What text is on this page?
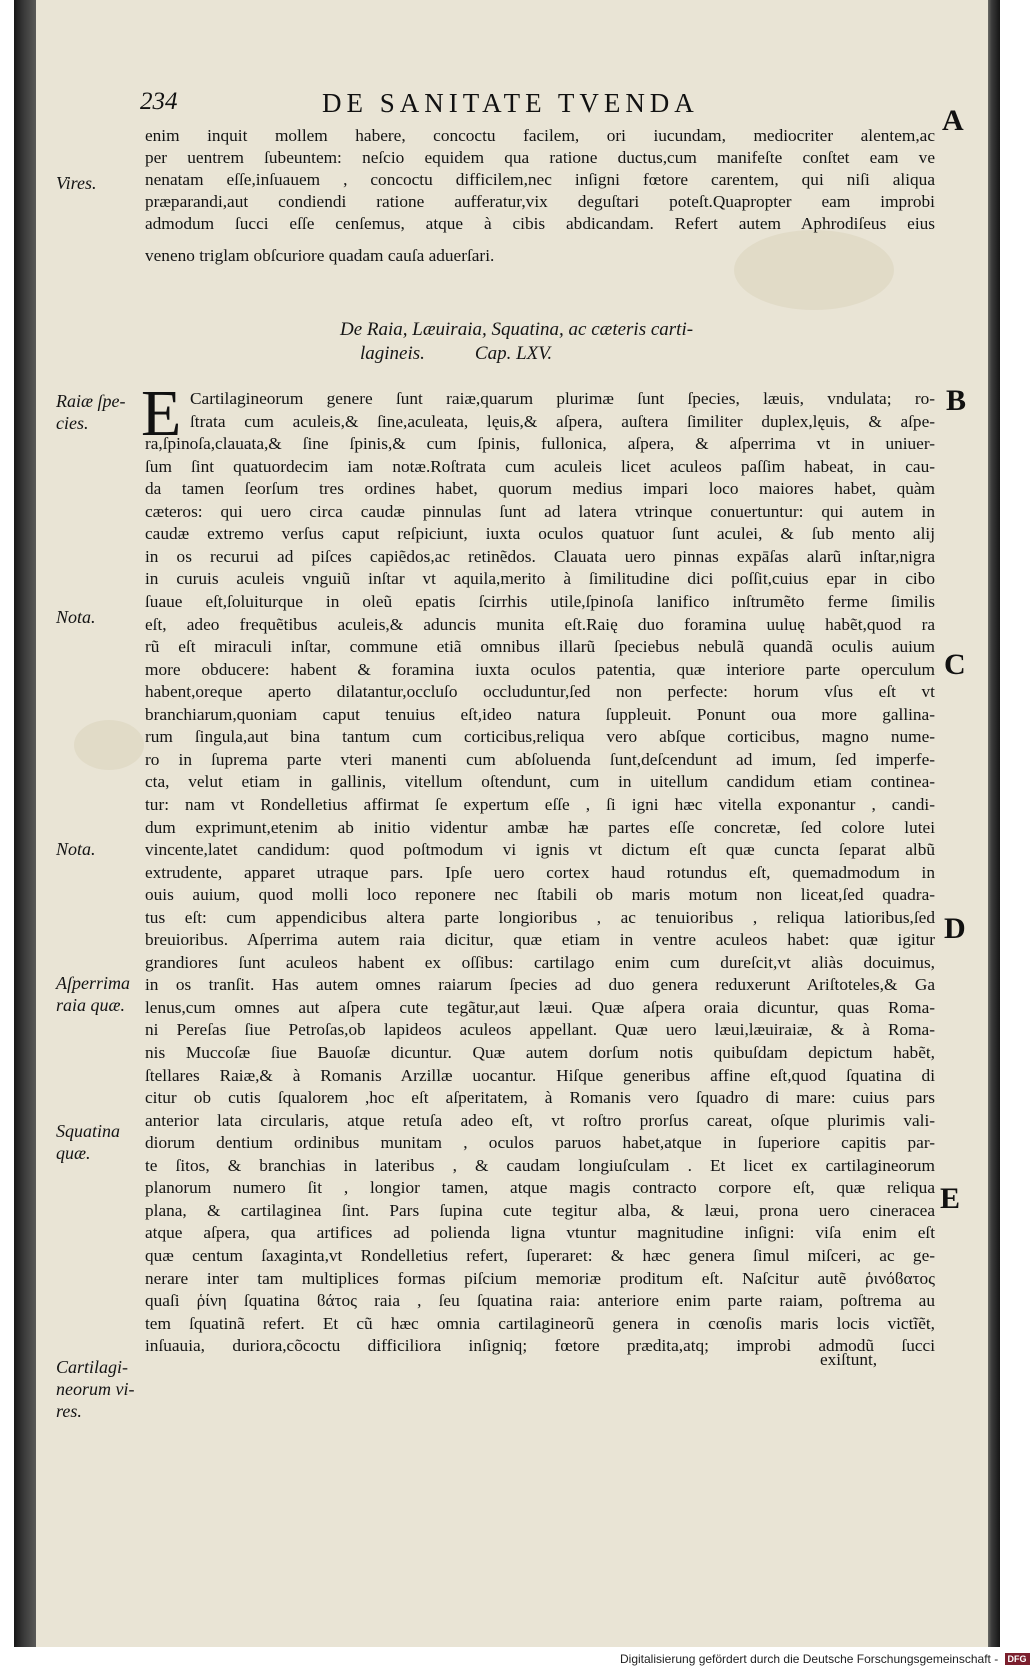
234	DE SANITATE TVENDA
A
B
C
D
E

enim inquit mollem habere, concoctu facilem, ori iucundam, mediocriter alentem,ac

per uentrem ſubeuntem: neſcio equidem qua ratione ductus,cum manifeſte conſtet eam ve

nenatam eſſe,inſuauem , concoctu difficilem,nec inſigni fœtore carentem, qui niſi aliqua

præparandi,aut condiendi ratione aufferatur,vix deguſtari poteſt.Quapropter eam improbi

admodum ſucci eſſe cenſemus, atque à cibis abdicandam. Refert autem Aphrodiſeus eius

veneno triglam obſcuriore quadam cauſa aduerſari.

De Raia, Læuiraia, Squatina, ac cæteris carti-
lagineis.	Cap. LXV.
E Cartilagineorum genere ſunt raiæ,quarum plurimæ ſunt ſpecies, læuis, vndulata; ro-

ſtrata cum aculeis,& ſine,aculeata, lęuis,& aſpera, auſtera ſimiliter duplex,lęuis, & aſpe-

ra,ſpinoſa,clauata,& ſine ſpinis,& cum ſpinis, fullonica, aſpera, & aſperrima vt in uniuer-

ſum ſint quatuordecim iam notæ.Roſtrata cum aculeis licet aculeos paſſim habeat, in cau-

da tamen ſeorſum tres ordines habet, quorum medius impari loco maiores habet, quàm

cæteros: qui uero circa caudæ pinnulas ſunt ad latera vtrinque conuertuntur: qui autem in

caudæ extremo verſus caput reſpiciunt, iuxta oculos quatuor ſunt aculei, & ſub mento alij

in os recurui ad piſces capiẽdos,ac retinẽdos. Clauata uero pinnas expāſas alarũ inſtar,nigra

in curuis aculeis vnguiũ inſtar vt aquila,merito à ſimilitudine dici poſſit,cuius epar in cibo

ſuaue eſt,ſoluiturque in oleũ epatis ſcirrhis utile,ſpinoſa lanifico inſtrumẽto ferme ſimilis

eſt, adeo frequẽtibus aculeis,& aduncis munita eſt.Raię duo foramina uuluę habẽt,quod ra

rũ eſt miraculi inſtar, commune etiã omnibus illarũ ſpeciebus nebulã quandã oculis auium

more obducere: habent & foramina iuxta oculos patentia, quæ interiore parte operculum

habent,oreque aperto dilatantur,occluſo occluduntur,ſed non perfecte: horum vſus eſt vt

branchiarum,quoniam caput tenuius eſt,ideo natura ſuppleuit. Ponunt oua more gallina-

rum ſingula,aut bina tantum cum corticibus,reliqua vero abſque corticibus, magno nume-

ro in ſuprema parte vteri manenti cum abſoluenda ſunt,deſcendunt ad imum, ſed imperfe-

cta, velut etiam in gallinis, vitellum oſtendunt, cum in uitellum candidum etiam continea-

tur: nam vt Rondelletius affirmat ſe expertum eſſe , ſi igni hæc vitella exponantur , candi-

dum exprimunt,etenim ab initio videntur ambæ hæ partes eſſe concretæ, ſed colore lutei

vincente,latet candidum: quod poſtmodum vi ignis vt dictum eſt quæ cuncta ſeparat albũ

extrudente, apparet utraque pars. Ipſe uero cortex haud rotundus eſt, quemadmodum in

ouis auium, quod molli loco reponere nec ſtabili ob maris motum non liceat,ſed quadra-

tus eſt: cum appendicibus altera parte longioribus , ac tenuioribus , reliqua latioribus,ſed

breuioribus. Aſperrima autem raia dicitur, quæ etiam in ventre aculeos habet: quæ igitur

grandiores ſunt aculeos habent ex oſſibus: cartilago enim cum dureſcit,vt aliàs docuimus,

in os tranſit. Has autem omnes raiarum ſpecies ad duo genera reduxerunt Ariſtoteles,& Ga

lenus,cum omnes aut aſpera cute tegãtur,aut læui. Quæ aſpera oraia dicuntur, quas Roma-

ni Pereſas ſiue Petroſas,ob lapideos aculeos appellant. Quæ uero læui,læuiraiæ, & à Roma-

nis Muccoſæ ſiue Bauoſæ dicuntur. Quæ autem dorſum notis quibuſdam depictum habẽt,

ſtellares Raiæ,& à Romanis Arzillæ uocantur. Hiſque generibus affine eſt,quod ſquatina di

citur ob cutis ſqualorem ,hoc eſt aſperitatem, à Romanis vero ſquadro di mare: cuius pars

anterior lata circularis, atque retuſa adeo eſt, vt roſtro prorſus careat, oſque plurimis vali-

diorum dentium ordinibus munitam , oculos paruos habet,atque in ſuperiore capitis par-

te ſitos, & branchias in lateribus , & caudam longiuſculam . Et licet ex cartilagineorum

planorum numero ſit , longior tamen, atque magis contracto corpore eſt, quæ reliqua

plana, & cartilaginea ſint. Pars ſupina cute tegitur alba, & læui, prona uero cineracea

atque aſpera, qua artifices ad polienda ligna vtuntur magnitudine inſigni: viſa enim eſt

quæ centum ſaxaginta,vt Rondelletius refert, ſuperaret: & hæc genera ſimul miſceri, ac ge-

nerare inter tam multiplices formas piſcium memoriæ proditum eſt. Naſcitur autẽ ῥινόϐατος

quaſi ῥίνη ſquatina ϐάτος raia , ſeu ſquatina raia: anteriore enim parte raiam, poſtrema au

tem ſquatinã refert. Et cũ hæc omnia cartilagineorũ genera in cœnoſis maris locis victĩẽt,

inſuauia, duriora,cõcoctu difficiliora inſigniq; fœtore prædita,atq; improbi admodũ ſucci

exiſtunt,
Vires.
Raiæ ſpe-
cies.
Nota.
Nota.
Aſperrima
raia quæ.
Squatina
quæ.
Cartilagi-
neorum vi-
res.
Digitalisierung gefördert durch die Deutsche Forschungsgemeinschaft - DFG
